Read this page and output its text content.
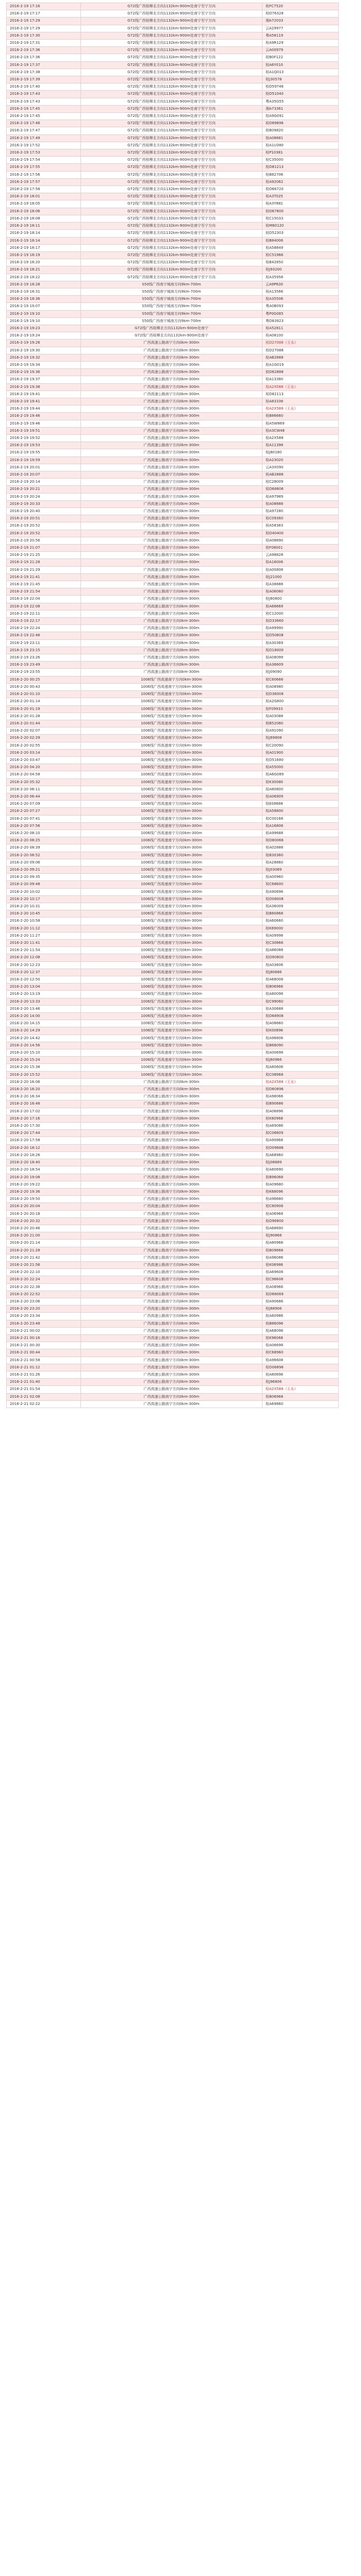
2016-2-19 17:16	G72线广西桂柳北方向1132km-900m处南宁至宁方向	桂FC7520
2016-2-19 17:17	G72线广西桂柳北方向1132km-900m处南宁至宁方向	桂D76328
2016-2-19 17:29	G72线广西桂柳北方向1132km-900m处南宁至宁方向	湘A72033
2016-2-19 17:29	G72线广西桂柳北方向1132km-900m处南宁至宁方向	云A29977
2016-2-19 17:30	G72线广西桂柳北方向1132km-900m处南宁至宁方向	粤A56119
2016-2-19 17:31	G72线广西桂柳北方向1132km-900m处南宁至宁方向	桂A9R129
2016-2-19 17:36	G72线广西桂柳北方向1132km-900m处南宁至宁方向	云A00979
2016-2-19 17:36	G72线广西桂柳北方向1132km-900m处南宁至宁方向	桂B0F122
2016-2-19 17:37	G72线广西桂柳北方向1132km-900m处南宁至宁方向	桂A6Y010
2016-2-19 17:38	G72线广西桂柳北方向1132km-900m处南宁至宁方向	桂A1Q013
2016-2-19 17:39	G72线广西桂柳北方向1132km-900m处南宁至宁方向	桂J30578
2016-2-19 17:40	G72线广西桂柳北方向1132km-900m处南宁至宁方向	桂D59746
2016-2-19 17:43	G72线广西桂柳北方向1132km-900m处南宁至宁方向	桂D51040
2016-2-19 17:43	G72线广西桂柳北方向1132km-900m处南宁至宁方向	粤A35G55
2016-2-19 17:45	G72线广西桂柳北方向1132km-900m处南宁至宁方向	湘A73361
2016-2-19 17:45	G72线广西桂柳北方向1132km-900m处南宁至宁方向	桂A9G091
2016-2-19 17:46	G72线广西桂柳北方向1132km-900m处南宁至宁方向	桂D89696
2016-2-19 17:47	G72线广西桂柳北方向1132km-900m处南宁至宁方向	桂B09820
2016-2-19 17:49	G72线广西桂柳北方向1132km-900m处南宁至宁方向	桂A08681
2016-2-19 17:52	G72线广西桂柳北方向1132km-900m处南宁至宁方向	桂A1U380
2016-2-19 17:53	G72线广西桂柳北方向1132km-900m处南宁至宁方向	桂P10381
2016-2-19 17:54	G72线广西桂柳北方向1132km-900m处南宁至宁方向	桂C35000
2016-2-19 17:55	G72线广西桂柳北方向1132km-900m处南宁至宁方向	桂D81213
2016-2-19 17:56	G72线广西桂柳北方向1132km-900m处南宁至宁方向	桂B82706
2016-2-19 17:57	G72线广西桂柳北方向1132km-900m处南宁至宁方向	桂A92062
2016-2-19 17:58	G72线广西桂柳北方向1132km-900m处南宁至宁方向	桂D66720
2016-2-19 18:01	G72线广西桂柳北方向1132km-900m处南宁至宁方向	桂A3T025
2016-2-19 18:05	G72线广西桂柳北方向1132km-900m处南宁至宁方向	桂A3Y881
2016-2-19 18:06	G72线广西桂柳北方向1132km-900m处南宁至宁方向	桂D67800
2016-2-19 18:08	G72线广西桂柳北方向1132km-900m处南宁至宁方向	桂C15033
2016-2-19 18:11	G72线广西桂柳北方向1132km-900m处南宁至宁方向	桂M80120
2016-2-19 18:14	G72线广西桂柳北方向1132km-900m处南宁至宁方向	桂D52303
2016-2-19 18:14	G72线广西桂柳北方向1132km-900m处南宁至宁方向	桂B84006
2016-2-19 18:17	G72线广西桂柳北方向1132km-900m处南宁至宁方向	桂A58849
2016-2-19 18:19	G72线广西桂柳北方向1132km-900m处南宁至宁方向	桂C51966
2016-2-19 18:20	G72线广西桂柳北方向1132km-900m处南宁至宁方向	桂B42850
2016-2-19 18:21	G72线广西桂柳北方向1132km-900m处南宁至宁方向	桂J93200
2016-2-19 18:22	G72线广西桂柳北方向1132km-900m处南宁至宁方向	桂A35958
2016-2-19 18:28	S50线广西南宁城南方向9km-700m	云A9P630
2016-2-19 18:31	S50线广西南宁城南方向9km-700m	桂A13566
2016-2-19 18:36	S50线广西南宁城南方向9km-700m	桂A35506
2016-2-19 19:07	S50线广西南宁城南方向9km-700m	粤A0B093
2016-2-19 19:10	S50线广西南宁城南方向9km-700m	粤P0G085
2016-2-19 19:10	S50线广西南宁城南方向9km-700m	粤D83923
2016-2-19 19:23	G72线广西桂柳北方向1132km-900m处南宁	桂A52811
2016-2-19 19:24	G72线广西桂柳北方向1132km-900m处南宁	桂A08100
2016-2-19 19:26	广西高速公路南宁方向0km-300m	桂D27088（王永）
2016-2-19 19:30	广西高速公路南宁方向0km-300m	桂D27088
2016-2-19 19:32	广西高速公路南宁方向0km-300m	桂AB2888
2016-2-19 19:34	广西高速公路南宁方向0km-300m	桂A1G019
2016-2-19 19:36	广西高速公路南宁方向0km-300m	桂D62888
2016-2-19 19:37	广西高速公路南宁方向0km-300m	桂A13380
2016-2-19 19:38	广西高速公路南宁方向0km-300m	桂A2X588（王永）
2016-2-19 19:41	广西高速公路南宁方向0km-300m	桂D82113
2016-2-19 19:41	广西高速公路南宁方向0km-300m	桂A83338
2016-2-19 19:44	广西高速公路南宁方向0km-300m	桂A2X588（王永）
2016-2-19 19:46	广西高速公路南宁方向0km-300m	桂B86660
2016-2-19 19:46	广西高速公路南宁方向0km-300m	桂A5W869
2016-2-19 19:51	广西高速公路南宁方向0km-300m	桂A3CW48
2016-2-19 19:52	广西高速公路南宁方向0km-300m	桂A2X588
2016-2-19 19:53	广西高速公路南宁方向0km-300m	桂A11398
2016-2-19 19:55	广西高速公路南宁方向0km-300m	桂J80180
2016-2-19 19:59	广西高速公路南宁方向0km-300m	桂A23020
2016-2-19 20:01	广西高速公路南宁方向0km-300m	云A3X090
2016-2-19 20:07	广西高速公路南宁方向0km-300m	桂AB2888
2016-2-19 20:14	广西高速公路南宁方向0km-300m	桂C28009
2016-2-19 20:21	广西高速公路南宁方向0km-300m	桂D68806
2016-2-19 20:24	广西高速公路南宁方向0km-300m	桂A97989
2016-2-19 20:33	广西高速公路南宁方向0km-300m	桂A08888
2016-2-19 20:40	广西高速公路南宁方向0km-300m	桂A97280
2016-2-19 20:51	广西高速公路南宁方向0km-300m	桂C09360
2016-2-19 20:52	广西高速公路南宁方向0km-300m	桂A58383
2016-2-19 20:52	广西高速公路南宁方向0km-300m	桂D40400
2016-2-19 20:56	广西高速公路南宁方向0km-300m	桂A08890
2016-2-19 21:07	广西高速公路南宁方向0km-300m	桂F08001
2016-2-19 21:25	广西高速公路南宁方向0km-300m	云A98828
2016-2-19 21:28	广西高速公路南宁方向0km-300m	桂A16006
2016-2-19 21:29	广西高速公路南宁方向0km-300m	桂A00808
2016-2-19 21:41	广西高速公路南宁方向0km-300m	桂J21000
2016-2-19 21:45	广西高速公路南宁方向0km-300m	桂A38888
2016-2-19 21:54	广西高速公路南宁方向0km-300m	桂A06080
2016-2-19 22:04	广西高速公路南宁方向0km-300m	桂J60800
2016-2-19 22:08	广西高速公路南宁方向0km-300m	桂A68669
2016-2-19 22:11	广西高速公路南宁方向0km-300m	桂C12000
2016-2-19 22:17	广西高速公路南宁方向0km-300m	桂D33660
2016-2-19 22:24	广西高速公路南宁方向0km-300m	桂A99990
2016-2-19 22:46	广西高速公路南宁方向0km-300m	桂D50608
2016-2-19 23:11	广西高速公路南宁方向0km-300m	桂A30369
2016-2-19 23:15	广西高速公路南宁方向0km-300m	桂D18000
2016-2-19 23:26	广西高速公路南宁方向0km-300m	桂A08099
2016-2-19 23:49	广西高速公路南宁方向0km-300m	桂A36609
2016-2-19 23:55	广西高速公路南宁方向0km-300m	桂J09090
2016-2-20 00:25	1006线广西高速南宁方向0km-300m	桂C60666
2016-2-20 00:43	1006线广西高速南宁方向0km-300m	桂A08980
2016-2-20 01:10	1006线广西高速南宁方向0km-300m	桂D36008
2016-2-20 01:14	1006线广西高速南宁方向0km-300m	桂A2G800
2016-2-20 01:19	1006线广西高速南宁方向0km-300m	桂F09933
2016-2-20 01:28	1006线广西高速南宁方向0km-300m	桂A03088
2016-2-20 01:44	1006线广西高速南宁方向0km-300m	桂B52080
2016-2-20 02:07	1006线广西高速南宁方向0km-300m	桂A91090
2016-2-20 02:29	1006线广西高速南宁方向0km-300m	桂J69808
2016-2-20 02:55	1006线广西高速南宁方向0km-300m	桂C20090
2016-2-20 03:14	1006线广西高速南宁方向0km-300m	桂A01900
2016-2-20 03:47	1006线广西高速南宁方向0km-300m	桂D51680
2016-2-20 04:20	1006线广西高速南宁方向0km-300m	桂A55000
2016-2-20 04:58	1006线广西高速南宁方向0km-300m	桂A6G089
2016-2-20 05:32	1006线广西高速南宁方向0km-300m	桂K30080
2016-2-20 06:11	1006线广西高速南宁方向0km-300m	桂A80800
2016-2-20 06:44	1006线广西高速南宁方向0km-300m	桂A06909
2016-2-20 07:09	1006线广西高速南宁方向0km-300m	桂E08688
2016-2-20 07:27	1006线广西高速南宁方向0km-300m	桂A58800
2016-2-20 07:41	1006线广西高速南宁方向0km-300m	桂C00166
2016-2-20 07:56	1006线广西高速南宁方向0km-300m	桂A16808
2016-2-20 08:10	1006线广西高速南宁方向0km-300m	桂A99688
2016-2-20 08:25	1006线广西高速南宁方向0km-300m	桂D80066
2016-2-20 08:39	1006线广西高速南宁方向0km-300m	桂A02888
2016-2-20 08:52	1006线广西高速南宁方向0km-300m	桂B30360
2016-2-20 09:06	1006线广西高速南宁方向0km-300m	桂A28860
2016-2-20 09:21	1006线广西高速南宁方向0km-300m	桂J03089
2016-2-20 09:35	1006线广西高速南宁方向0km-300m	桂A00960
2016-2-20 09:48	1006线广西高速南宁方向0km-300m	桂C68600
2016-2-20 10:02	1006线广西高速南宁方向0km-300m	桂A90696
2016-2-20 10:17	1006线广西高速南宁方向0km-300m	桂D08008
2016-2-20 10:31	1006线广西高速南宁方向0km-300m	桂A36009
2016-2-20 10:45	1006线广西高速南宁方向0km-300m	桂B80868
2016-2-20 10:58	1006线广西高速南宁方向0km-300m	桂A60660
2016-2-20 11:12	1006线广西高速南宁方向0km-300m	桂K69000
2016-2-20 11:27	1006线广西高速南宁方向0km-300m	桂A09998
2016-2-20 11:41	1006线广西高速南宁方向0km-300m	桂C30866
2016-2-20 11:54	1006线广西高速南宁方向0km-300m	桂A86088
2016-2-20 12:08	1006线广西高速南宁方向0km-300m	桂D90800
2016-2-20 12:23	1006线广西高速南宁方向0km-300m	桂A03606
2016-2-20 12:37	1006线广西高速南宁方向0km-300m	桂J80686
2016-2-20 12:50	1006线广西高速南宁方向0km-300m	桂A68008
2016-2-20 13:04	1006线广西高速南宁方向0km-300m	桂B06966
2016-2-20 13:19	1006线广西高速南宁方向0km-300m	桂A80098
2016-2-20 13:33	1006线广西高速南宁方向0km-300m	桂C99060
2016-2-20 13:46	1006线广西高速南宁方向0km-300m	桂A30688
2016-2-20 14:00	1006线广西高速南宁方向0km-300m	桂D68906
2016-2-20 14:15	1006线广西高速南宁方向0km-300m	桂A08660
2016-2-20 14:29	1006线广西高速南宁方向0km-300m	桂K00896
2016-2-20 14:42	1006线广西高速南宁方向0km-300m	桂A96806
2016-2-20 14:56	1006线广西高速南宁方向0km-300m	桂B68090
2016-2-20 15:10	1006线广西高速南宁方向0km-300m	桂A00698
2016-2-20 15:24	1006线广西高速南宁方向0km-300m	桂J60966
2016-2-20 15:38	1006线广西高速南宁方向0km-300m	桂A80606
2016-2-20 15:52	1006线广西高速南宁方向0km-300m	桂C08968
2016-2-20 16:06	广西高速公路南宁方向0km-300m	桂A2X588（王永）
2016-2-20 16:20	广西高速公路南宁方向0km-300m	桂D60896
2016-2-20 16:34	广西高速公路南宁方向0km-300m	桂A98066
2016-2-20 16:48	广西高速公路南宁方向0km-300m	桂B90686
2016-2-20 17:02	广西高速公路南宁方向0km-300m	桂A06896
2016-2-20 17:16	广西高速公路南宁方向0km-300m	桂K80968
2016-2-20 17:30	广西高速公路南宁方向0km-300m	桂A69086
2016-2-20 17:44	广西高速公路南宁方向0km-300m	桂C06809
2016-2-20 17:58	广西高速公路南宁方向0km-300m	桂A90866
2016-2-20 18:12	广西高速公路南宁方向0km-300m	桂D09686
2016-2-20 18:26	广西高速公路南宁方向0km-300m	桂A68960
2016-2-20 18:40	广西高速公路南宁方向0km-300m	桂J06689
2016-2-20 18:54	广西高速公路南宁方向0km-300m	桂A80690
2016-2-20 19:08	广西高速公路南宁方向0km-300m	桂B96068
2016-2-20 19:22	广西高速公路南宁方向0km-300m	桂A09680
2016-2-20 19:36	广西高速公路南宁方向0km-300m	桂K68096
2016-2-20 19:50	广西高速公路南宁方向0km-300m	桂A96680
2016-2-20 20:04	广西高速公路南宁方向0km-300m	桂C80906
2016-2-20 20:18	广西高速公路南宁方向0km-300m	桂A06968
2016-2-20 20:32	广西高速公路南宁方向0km-300m	桂D96800
2016-2-20 20:46	广西高速公路南宁方向0km-300m	桂A68690
2016-2-20 21:00	广西高速公路南宁方向0km-300m	桂J90868
2016-2-20 21:14	广西高速公路南宁方向0km-300m	桂A80966
2016-2-20 21:28	广西高速公路南宁方向0km-300m	桂B09668
2016-2-20 21:42	广西高速公路南宁方向0km-300m	桂A96086
2016-2-20 21:56	广西高速公路南宁方向0km-300m	桂K06986
2016-2-20 22:10	广西高速公路南宁方向0km-300m	桂A69608
2016-2-20 22:24	广西高速公路南宁方向0km-300m	桂C96608
2016-2-20 22:38	广西高速公路南宁方向0km-300m	桂A08966
2016-2-20 22:52	广西高速公路南宁方向0km-300m	桂D68069
2016-2-20 23:06	广西高速公路南宁方向0km-300m	桂A90686
2016-2-20 23:20	广西高速公路南宁方向0km-300m	桂J68906
2016-2-20 23:34	广西高速公路南宁方向0km-300m	桂A60986
2016-2-20 23:48	广西高速公路南宁方向0km-300m	桂B86096
2016-2-21 00:02	广西高速公路南宁方向0km-300m	桂A68096
2016-2-21 00:16	广西高速公路南宁方向0km-300m	桂K96068
2016-2-21 00:30	广西高速公路南宁方向0km-300m	桂A06698
2016-2-21 00:44	广西高速公路南宁方向0km-300m	桂C68960
2016-2-21 00:58	广西高速公路南宁方向0km-300m	桂A96608
2016-2-21 01:12	广西高速公路南宁方向0km-300m	桂D06896
2016-2-21 01:26	广西高速公路南宁方向0km-300m	桂A80696
2016-2-21 01:40	广西高速公路南宁方向0km-300m	桂J96806
2016-2-21 01:54	广西高速公路南宁方向0km-300m	桂A2X588（王永）
2016-2-21 02:08	广西高速公路南宁方向0km-300m	桂B06968
2016-2-21 02:22	广西高速公路南宁方向0km-300m	桂A69860
